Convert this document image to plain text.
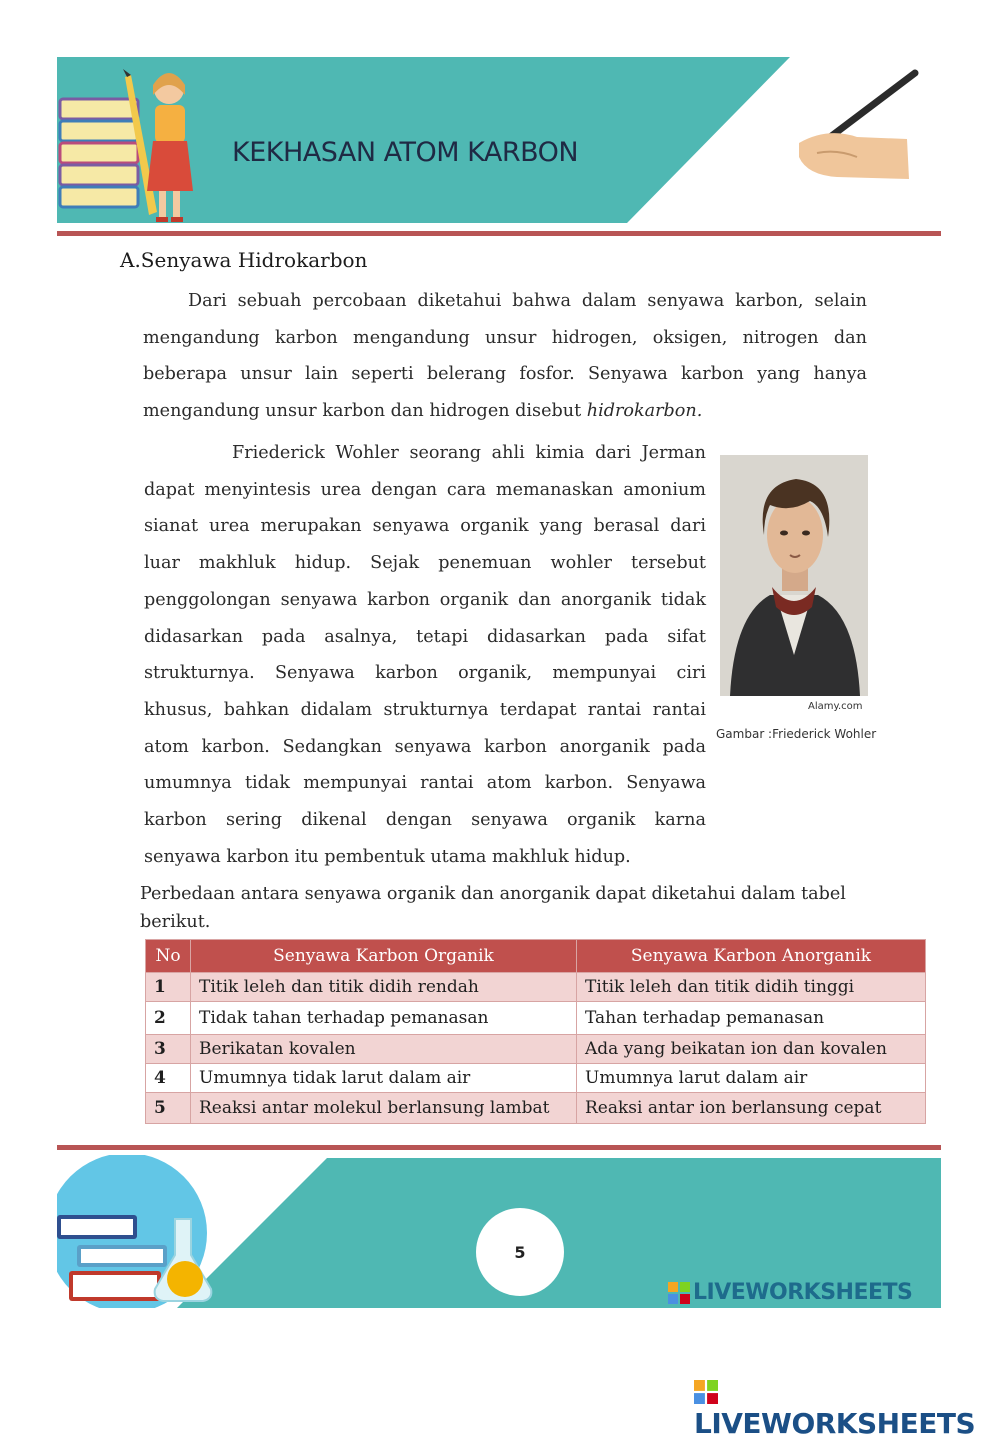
KEKHASAN ATOM KARBON
A.Senyawa Hidrokarbon
Dari sebuah percobaan diketahui bahwa dalam senyawa karbon, selain mengandung karbon mengandung unsur hidrogen, oksigen, nitrogen dan beberapa unsur lain seperti belerang fosfor. Senyawa karbon yang hanya mengandung unsur karbon dan hidrogen disebut hidrokarbon.
Friederick Wohler seorang ahli kimia dari Jerman dapat menyintesis urea dengan cara memanaskan amonium sianat urea merupakan senyawa organik yang berasal dari luar makhluk hidup. Sejak penemuan wohler tersebut penggolongan senyawa karbon organik dan anorganik tidak didasarkan pada asalnya, tetapi didasarkan pada sifat strukturnya. Senyawa karbon organik, mempunyai ciri khusus, bahkan didalam strukturnya terdapat rantai rantai atom karbon. Sedangkan senyawa karbon anorganik pada umumnya tidak mempunyai rantai atom karbon. Senyawa karbon sering dikenal dengan senyawa organik karna senyawa karbon itu pembentuk utama makhluk hidup.
Alamy.com
Gambar :Friederick Wohler
Perbedaan antara senyawa organik dan anorganik dapat diketahui dalam tabel berikut.
No	Senyawa Karbon Organik	Senyawa Karbon Anorganik
1	Titik leleh dan titik didih rendah	Titik leleh dan titik didih tinggi
2	Tidak tahan terhadap pemanasan	Tahan terhadap pemanasan
3	Berikatan kovalen	Ada yang beikatan ion dan kovalen
4	Umumnya tidak larut dalam air	Umumnya larut dalam air
5	Reaksi antar molekul berlansung lambat	Reaksi antar ion berlansung cepat
5
LIVEWORKSHEETS
LIVEWORKSHEETS
